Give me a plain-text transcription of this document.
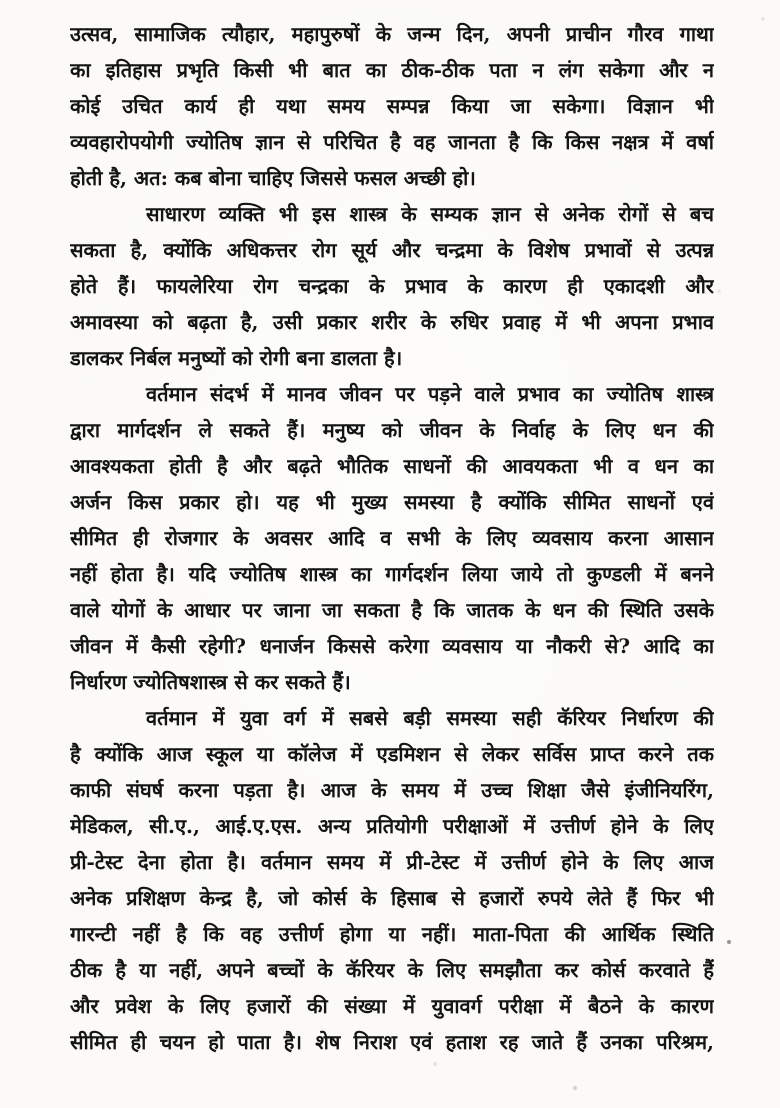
उत्सव, सामाजिक त्यौहार, महापुरुषों के जन्म दिन, अपनी प्राचीन गौरव गाथा
का इतिहास प्रभृति किसी भी बात का ठीक-ठीक पता न लंग सकेगा और न
कोई उचित कार्य ही यथा समय सम्पन्न किया जा सकेगा। विज्ञान भी
व्यवहारोपयोगी ज्योतिष ज्ञान से परिचित है वह जानता है कि किस नक्षत्र में वर्षा
होती है, अत: कब बोना चाहिए जिससे फसल अच्छी हो।
साधारण व्यक्ति भी इस शास्त्र के सम्यक ज्ञान से अनेक रोगों से बच
सकता है, क्योंकि अधिकत्तर रोग सूर्य और चन्द्रमा के विशेष प्रभावों से उत्पन्न
होते हैं। फायलेरिया रोग चन्द्रका के प्रभाव के कारण ही एकादशी और
अमावस्या को बढ़ता है, उसी प्रकार शरीर के रुधिर प्रवाह में भी अपना प्रभाव
डालकर निर्बल मनुष्यों को रोगी बना डालता है।
वर्तमान संदर्भ में मानव जीवन पर पड़ने वाले प्रभाव का ज्योतिष शास्त्र
द्वारा मार्गदर्शन ले सकते हैं। मनुष्य को जीवन के निर्वाह के लिए धन की
आवश्यकता होती है और बढ़ते भौतिक साधनों की आवयकता भी व धन का
अर्जन किस प्रकार हो। यह भी मुख्य समस्या है क्योंकि सीमित साधनों एवं
सीमित ही रोजगार के अवसर आदि व सभी के लिए व्यवसाय करना आसान
नहीं होता है। यदि ज्योतिष शास्त्र का गार्गदर्शन लिया जाये तो कुण्डली में बनने
वाले योगों के आधार पर जाना जा सकता है कि जातक के धन की स्थिति उसके
जीवन में कैसी रहेगी? धनार्जन किससे करेगा व्यवसाय या नौकरी से? आदि का
निर्धारण ज्योतिषशास्त्र से कर सकते हैं।
वर्तमान में युवा वर्ग में सबसे बड़ी समस्या सही कॅरियर निर्धारण की
है क्योंकि आज स्कूल या कॉलेज में एडमिशन से लेकर सर्विस प्राप्त करने तक
काफी संघर्ष करना पड़ता है। आज के समय में उच्च शिक्षा जैसे इंजीनियरिंग,
मेडिकल, सी.ए., आई.ए.एस. अन्य प्रतियोगी परीक्षाओं में उत्तीर्ण होने के लिए
प्री-टेस्ट देना होता है। वर्तमान समय में प्री-टेस्ट में उत्तीर्ण होने के लिए आज
अनेक प्रशिक्षण केन्द्र है, जो कोर्स के हिसाब से हजारों रुपये लेते हैं फिर भी
गारन्टी नहीं है कि वह उत्तीर्ण होगा या नहीं। माता-पिता की आर्थिक स्थिति
ठीक है या नहीं, अपने बच्चों के कॅरियर के लिए समझौता कर कोर्स करवाते हैं
और प्रवेश के लिए हजारों की संख्या में युवावर्ग परीक्षा में बैठने के कारण
सीमित ही चयन हो पाता है। शेष निराश एवं हताश रह जाते हैं उनका परिश्रम,
